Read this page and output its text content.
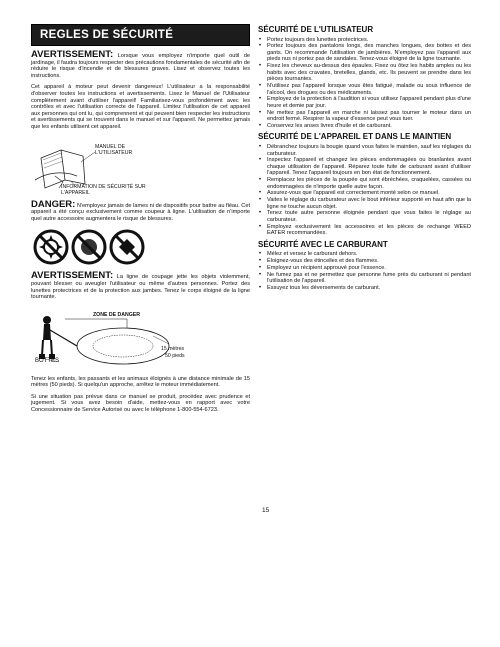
REGLES DE SÉCURITÉ

AVERTISSEMENT: Lorsque vous employez n'importe quel outil de jardinage, il faudra toujours respecter des précautions fondamentales de sécurité afin de réduire le risque d'incendie et de blessures graves. Lisez et observez toutes les instructions.

Cet appareil à moteur peut devenir dangereux! L'utilisateur a la responsabilité d'observer toutes les instructions et avertissements. Lisez le Manuel de l'Utilisateur complètement avant d'utiliser l'appareil! Familiarisez-vous profondément avec les contrôles et avec l'utilisation correcte de l'appareil. Limitez l'utilisation de cet appareil aux personnes qui ont lu, qui comprennent et qui peuvent bien respecter les instructions et avertissements qui se trouvent dans le manuel et sur l'appareil. Ne permettez jamais que les enfants utilisent cet appareil.

MANUEL DE L'UTILISATEUR
INFORMATION DE SÉCURITÉ SUR L'APPAREIL

DANGER: N'employez jamais de lames ni de dispositifs pour battre au fléau. Cet appareil a été conçu exclusivement comme coupeur à ligne. L'utilisation de n'importe quel autre accessoire augmentera le risque de blessures.

AVERTISSEMENT: La ligne de coupage jette les objets violemment, pouvant blesser ou aveugler l'utilisateur ou même d'autres personnes. Portez des lunettes protectrices et de la protection aux jambes. Tenez le corps éloigné de la ligne tournante.

ZONE DE DANGER
BOTTES
15 mètres
50 pieds

Tenez les enfants, les passants et les animaux éloignés à une distance minimale de 15 mètres (50 pieds). Si quelqu'un approche, arrêtez le moteur immédiatement.

Si une situation pas prévue dans ce manuel se produit, procédez avec prudence et jugement. Si vous avez besoin d'aide, mettez-vous en rapport avec votre Concessionnaire de Service Autorisé ou avec le téléphone 1-800-554-6723.

SÉCURITÉ DE L'UTILISATEUR
• Portez toujours des lunettes protectrices.
• Portez toujours des pantalons longs, des manches longues, des bottes et des gants. On recommande l'utilisation de jambières. N'employez pas l'appareil aux pieds nus ni portez pas de sandales. Tenez-vous éloigné de la ligne tournante.
• Fixez les cheveux au-dessus des épaules. Fixez ou ôtez les habits amples ou les habits avec des cravates, bretelles, glands, etc. Ils peuvent se prendre dans les pièces tournantes.
• N'utilisez pas l'appareil lorsque vous êtes fatigué, malade ou sous influence de l'alcool, des drogues ou des médicaments.
• Employez de la protection à l'audition si vous utilisez l'appareil pendant plus d'une heure et demie par jour.
• Ne mettez pas l'appareil en marche ni laissez pas tourner le moteur dans un endroit fermé. Respirer la vapeur d'essence peut vous tuer.
• Conservez les anses livres d'huile et de carburant.
SÉCURITÉ DE L'APPAREIL ET DANS LE MAINTIEN
• Débranchez toujours la bougie quand vous faites le maintien, sauf les réglages du carburateur.
• Inspectez l'appareil et changez les pièces endommagées ou branlantes avant chaque utilisation de l'appareil. Réparez toute fuite de carburant avant d'utiliser l'appareil. Tenez l'appareil toujours en bon état de fonctionnement.
• Remplacez les pièces de la poupée qui sont ébréchées, craquelées, cassées ou endommagées de n'importe quelle autre façon.
• Assurez-vous que l'appareil est correctement monté selon ce manuel.
• Vaites le réglage du carburateur avec le bout inférieur supporté en haut afin que la ligne ne touche aucun objet.
• Tenez toute autre personne éloignée pendant que vous faites le réglage au carburateur.
• Employez exclusivement les accessoires et les pièces de rechange WEED EATER recommandées.
SÉCURITÉ AVEC LE CARBURANT
• Mélez et versez le carburant dehors.
• Éloignez-vous des étincelles et des flammes.
• Employez un récipient approuvé pour l'essence.
• Ne fumez pas et ne permettez que personne fume près du carburant ni pendant l'utilisation de l'appareil.
• Essuyez tous les déversements de carburant.
15
